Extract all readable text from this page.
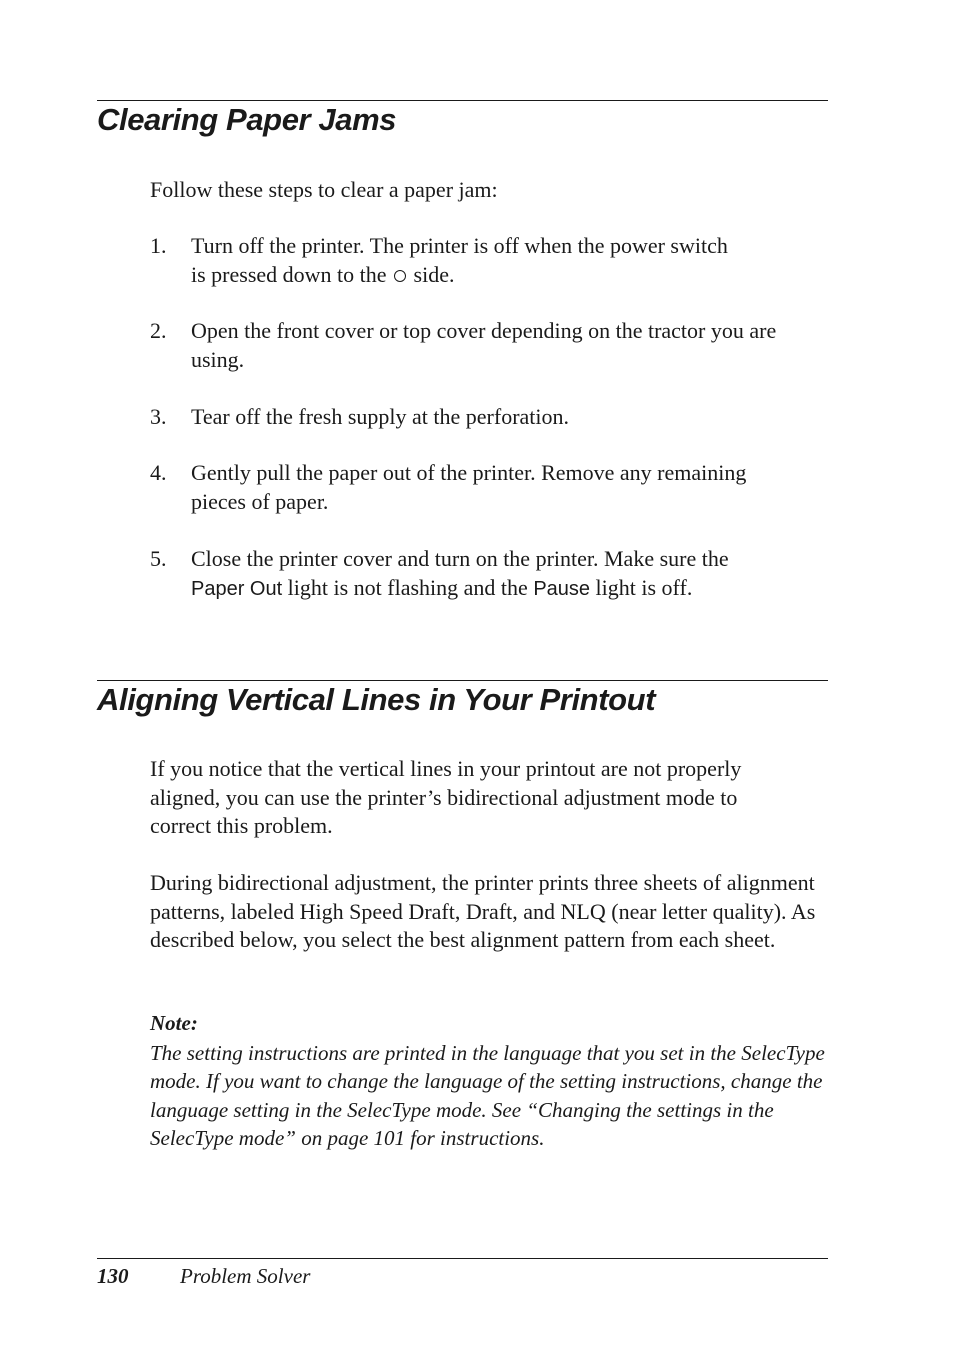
Clearing Paper Jams

Follow these steps to clear a paper jam:

1. Turn off the printer. The printer is off when the power switch
is pressed down to the side.
2. Open the front cover or top cover depending on the tractor you are using.
3. Tear off the fresh supply at the perforation.
4. Gently pull the paper out of the printer. Remove any remaining pieces of paper.
5. Close the printer cover and turn on the printer. Make sure the
Paper Out light is not flashing and the Pause light is off.
Aligning Vertical Lines in Your Printout

If you notice that the vertical lines in your printout are not properly aligned, you can use the printer’s bidirectional adjustment mode to correct this problem.

During bidirectional adjustment, the printer prints three sheets of alignment patterns, labeled High Speed Draft, Draft, and NLQ (near letter quality). As described below, you select the best alignment pattern from each sheet.

Note:

The setting instructions are printed in the language that you set in the SelecType mode. If you want to change the language of the setting instructions, change the language setting in the SelecType mode. See “Changing the settings in the SelecType mode” on page 101 for instructions.

130 Problem Solver
